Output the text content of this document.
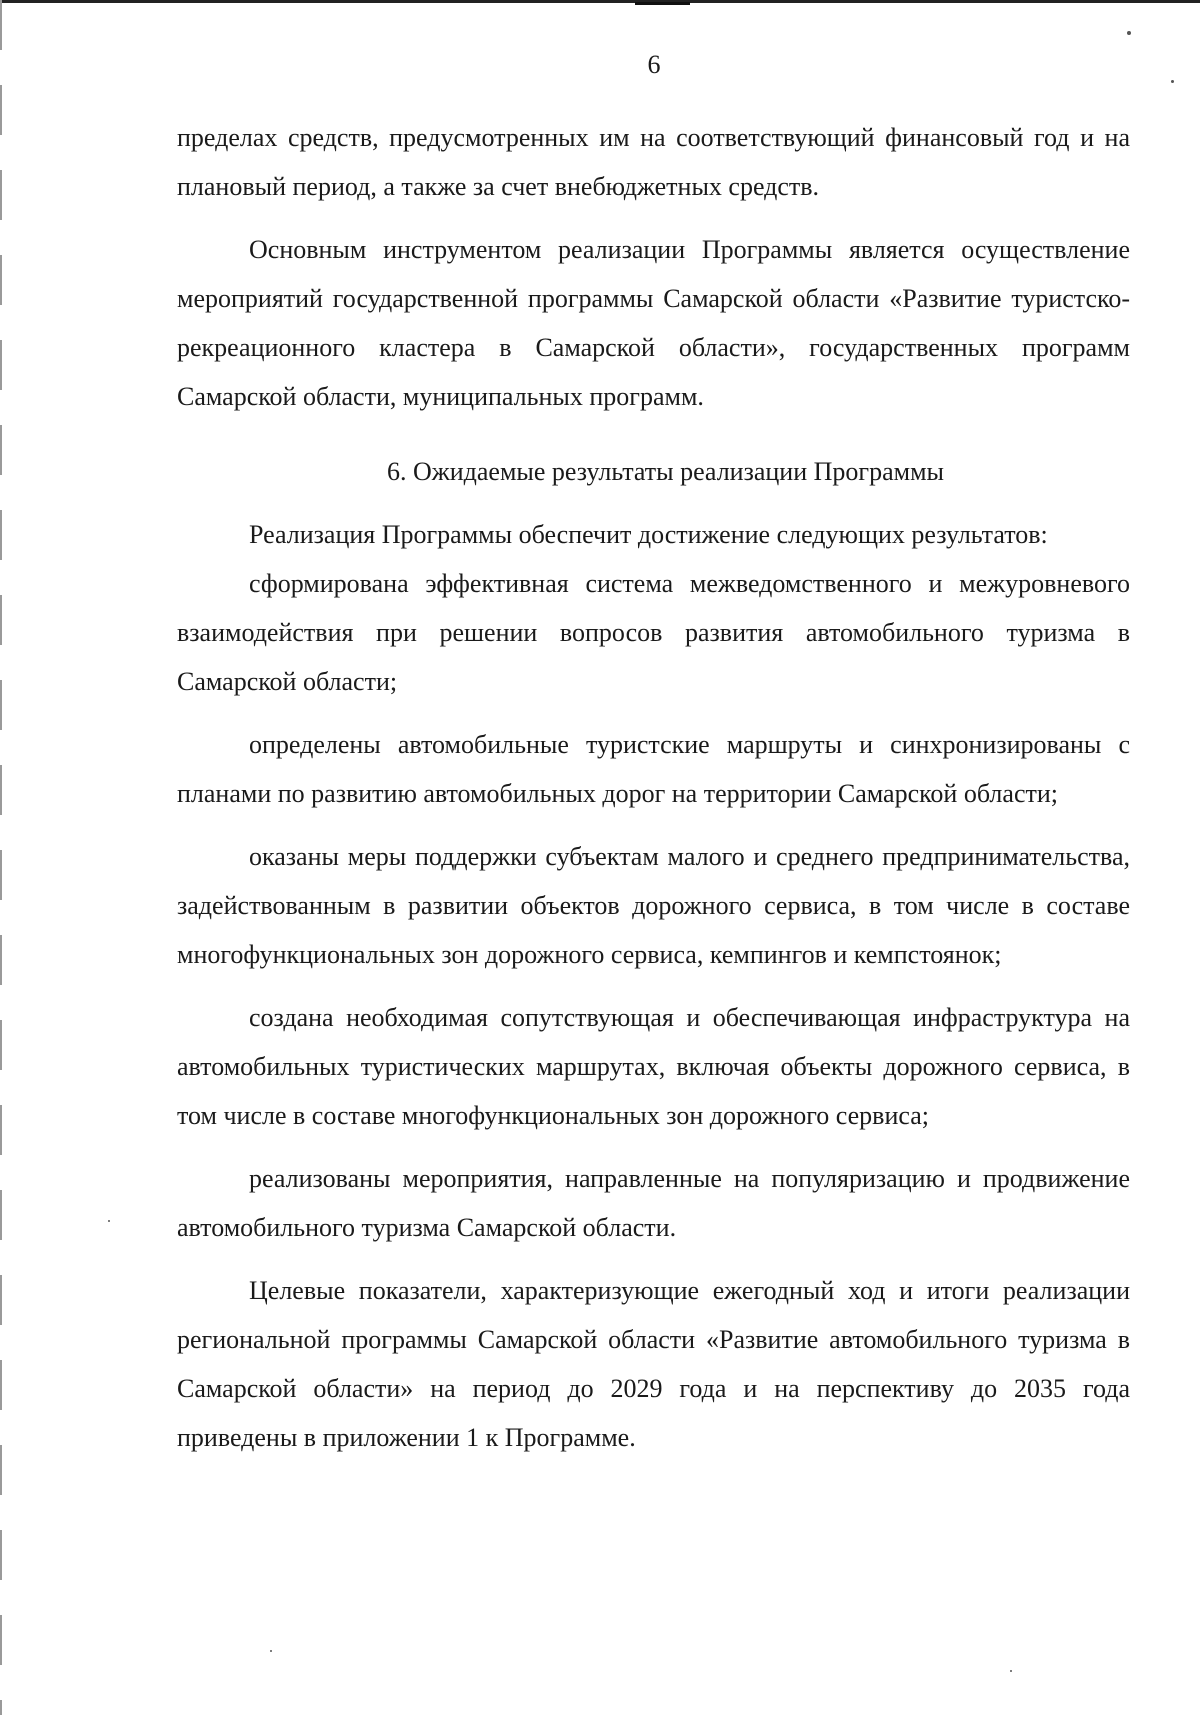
6

пределах средств, предусмотренных им на соответствующий финансовый год и на плановый период, а также за счет внебюджетных средств.

Основным инструментом реализации Программы является осуществление мероприятий государственной программы Самарской области «Развитие туристско-рекреационного кластера в Самарской области», государственных программ Самарской области, муниципальных программ.

6. Ожидаемые результаты реализации Программы

Реализация Программы обеспечит достижение следующих результатов:

сформирована эффективная система межведомственного и межуровневого взаимодействия при решении вопросов развития автомобильного туризма в Самарской области;

определены автомобильные туристские маршруты и синхронизированы с планами по развитию автомобильных дорог на территории Самарской области;

оказаны меры поддержки субъектам малого и среднего предпринимательства, задействованным в развитии объектов дорожного сервиса, в том числе в составе многофункциональных зон дорожного сервиса, кемпингов и кемпстоянок;

создана необходимая сопутствующая и обеспечивающая инфраструктура на автомобильных туристических маршрутах, включая объекты дорожного сервиса, в том числе в составе многофункциональных зон дорожного сервиса;

реализованы мероприятия, направленные на популяризацию и продвижение автомобильного туризма Самарской области.

Целевые показатели, характеризующие ежегодный ход и итоги реализации региональной программы Самарской области «Развитие автомобильного туризма в Самарской области» на период до 2029 года и на перспективу до 2035 года приведены в приложении 1 к Программе.
